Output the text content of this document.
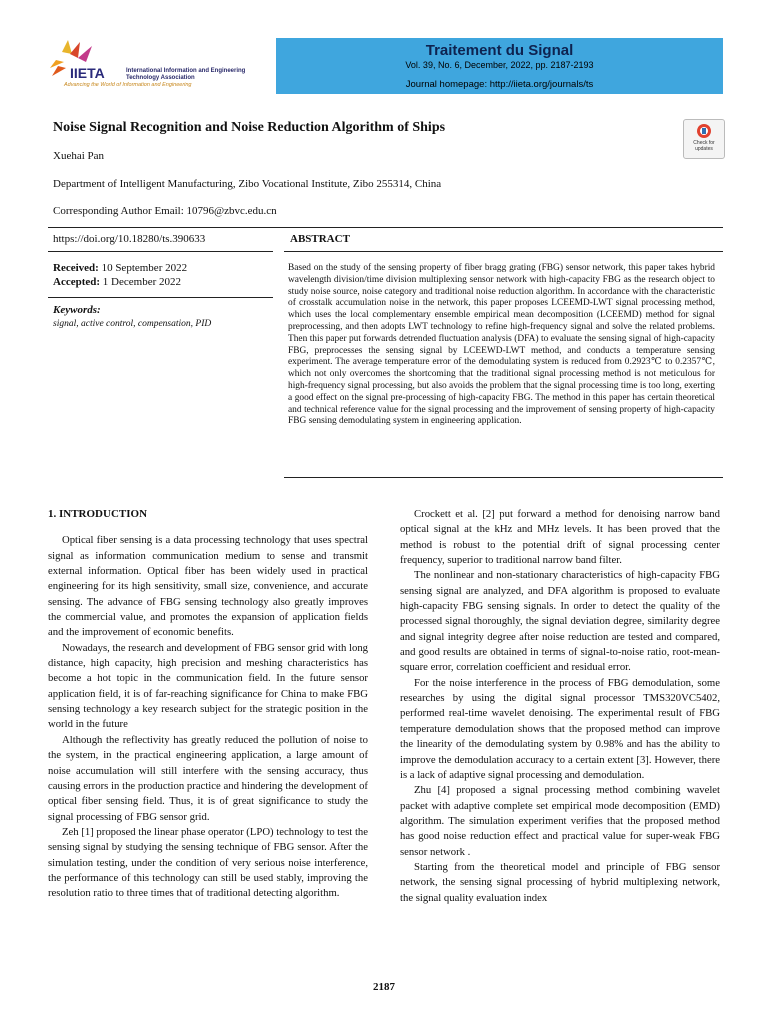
IIETA	International Information and Engineering Technology Association
Advancing the World of Information and Engineering
Traitement du Signal
Vol. 39, No. 6, December, 2022, pp. 2187-2193
Journal homepage: http://iieta.org/journals/ts
Noise Signal Recognition and Noise Reduction Algorithm of Ships
Check for updates
Xuehai Pan
Department of Intelligent Manufacturing, Zibo Vocational Institute, Zibo 255314, China
Corresponding Author Email: 10796@zbvc.edu.cn
https://doi.org/10.18280/ts.390633	ABSTRACT
Received: 10 September 2022
Accepted: 1 December 2022
Keywords:
signal, active control, compensation, PID
Based on the study of the sensing property of fiber bragg grating (FBG) sensor network, this paper takes hybrid wavelength division/time division multiplexing sensor network with high-capacity FBG as the research object to study noise source, noise category and traditional noise reduction algorithm. In accordance with the characteristic of crosstalk accumulation noise in the network, this paper proposes LCEEMD-LWT signal processing method, which uses the local complementary ensemble empirical mean decomposition (LCEEMD) method for signal preprocessing, and then adopts LWT technology to refine high-frequency signal and solve the related problems. Then this paper put forwards detrended fluctuation analysis (DFA) to evaluate the sensing signal of high-capacity FBG, preprocesses the sensing signal by LCEEWD-LWT method, and conducts a temperature sensing experiment. The average temperature error of the demodulating system is reduced from 0.2923℃ to 0.2357℃, which not only overcomes the shortcoming that the traditional signal processing method is not meticulous for high-frequency signal processing, but also avoids the problem that the signal processing time is too long, exerting a good effect on the signal pre-processing of high-capacity FBG. The method in this paper has certain theoretical and technical reference value for the signal processing and the improvement of sensing property of high-capacity FBG sensing demodulating system in engineering application.
1. INTRODUCTION

Optical fiber sensing is a data processing technology that uses spectral signal as information communication medium to sense and transmit external information. Optical fiber has been widely used in practical engineering for its high sensitivity, small size, convenience, and accurate sensing. The advance of FBG sensing technology also greatly improves the commercial value, and promotes the expansion of application fields and the improvement of economic benefits.

Nowadays, the research and development of FBG sensor grid with long distance, high capacity, high precision and meshing characteristics has become a hot topic in the communication field. In the future sensor application field, it is of far-reaching significance for China to make FBG sensing technology a key research subject for the strategic position in the world in the future

Although the reflectivity has greatly reduced the pollution of noise to the system, in the practical engineering application, a large amount of noise accumulation will still interfere with the sensing accuracy, thus causing errors in the production practice and hindering the development of optical fiber sensing field. Thus, it is of great significance to study the signal processing of FBG sensor grid.

Zeh [1] proposed the linear phase operator (LPO) technology to test the sensing signal by studying the sensing technique of FBG sensor. After the simulation testing, under the condition of very serious noise interference, the performance of this technology can still be used stably, improving the resolution ratio to three times that of traditional detecting algorithm.

Crockett et al. [2] put forward a method for denoising narrow band optical signal at the kHz and MHz levels. It has been proved that the method is robust to the potential drift of signal processing center frequency, superior to traditional narrow band filter.

The nonlinear and non-stationary characteristics of high-capacity FBG sensing signal are analyzed, and DFA algorithm is proposed to evaluate high-capacity FBG sensing signals. In order to detect the quality of the processed signal thoroughly, the signal deviation degree, similarity degree and signal integrity degree after noise reduction are tested and compared, and good results are obtained in terms of signal-to-noise ratio, root-mean-square error, correlation coefficient and residual error.

For the noise interference in the process of FBG demodulation, some researches by using the digital signal processor TMS320VC5402, performed real-time wavelet denoising. The experimental result of FBG temperature demodulation shows that the proposed method can improve the linearity of the demodulating system by 0.98% and has the ability to improve the demodulation accuracy to a certain extent [3]. However, there is a lack of adaptive signal processing and demodulation.

Zhu [4] proposed a signal processing method combining wavelet packet with adaptive complete set empirical mode decomposition (EMD) algorithm. The simulation experiment verifies that the proposed method has good noise reduction effect and practical value for super-weak FBG sensor network .

Starting from the theoretical model and principle of FBG sensor network, the sensing signal processing of hybrid multiplexing network, the signal quality evaluation index

2187
